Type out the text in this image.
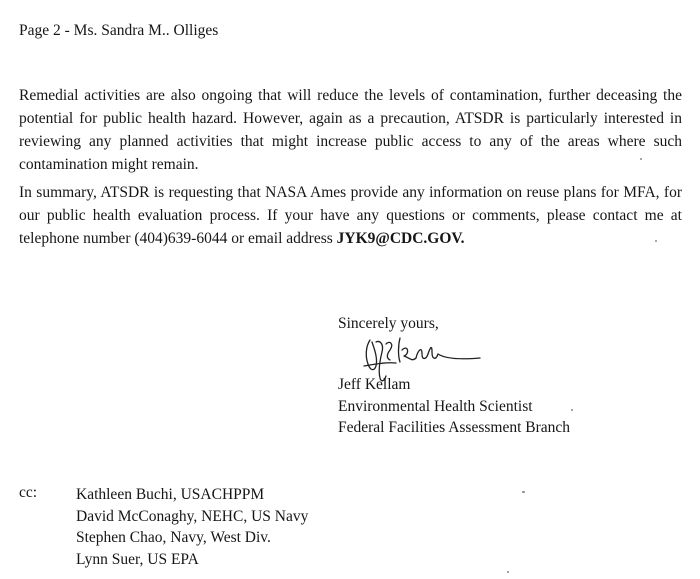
Page 2 - Ms. Sandra M.. Olliges
Remedial activities are also ongoing that will reduce the levels of contamination, further deceasing the potential for public health hazard. However, again as a precaution, ATSDR is particularly interested in reviewing any planned activities that might increase public access to any of the areas where such contamination might remain.
In summary, ATSDR is requesting that NASA Ames provide any information on reuse plans for MFA, for our public health evaluation process. If your have any questions or comments, please contact me at telephone number (404)639-6044 or email address JYK9@CDC.GOV.
Sincerely yours,
Jeff Kellam
Environmental Health Scientist
Federal Facilities Assessment Branch
cc:	Kathleen Buchi, USACHPPM
David McConaghy, NEHC, US Navy
Stephen Chao, Navy, West Div.
Lynn Suer, US EPA
